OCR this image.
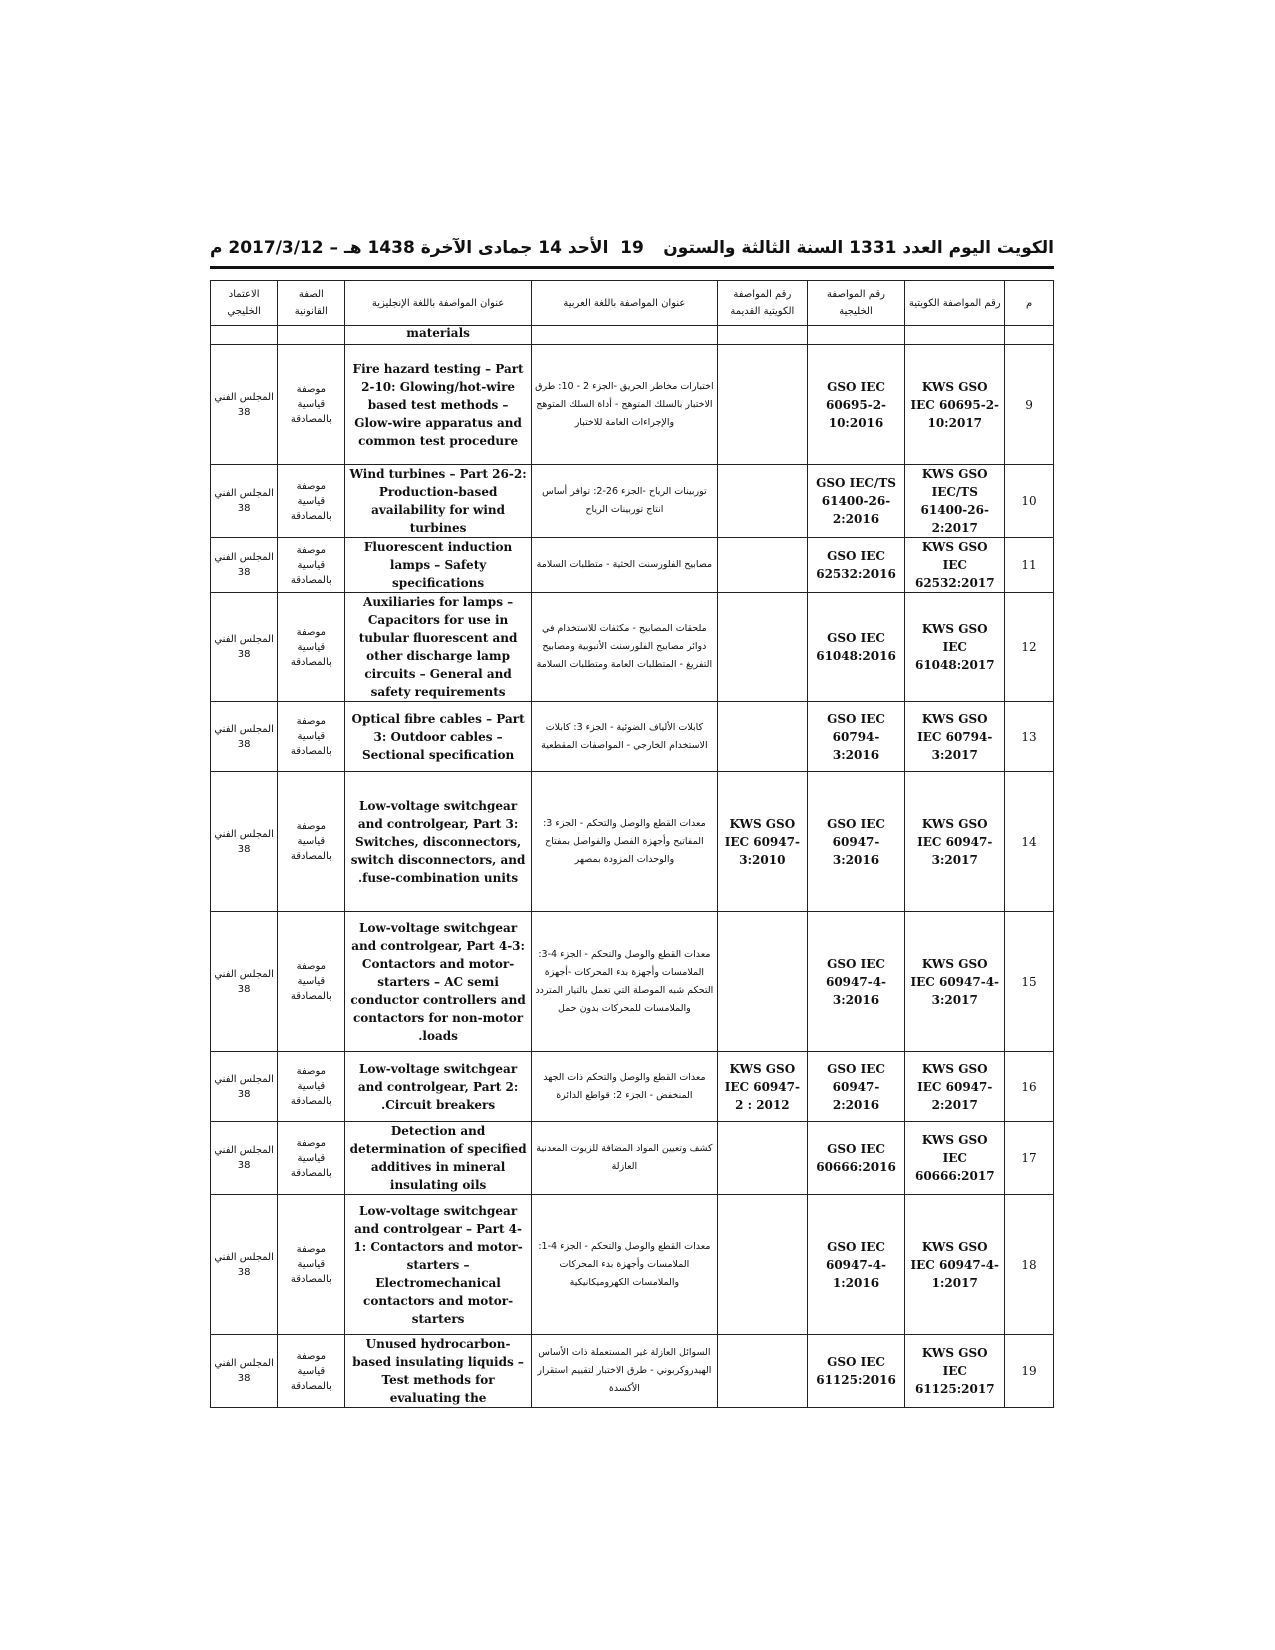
الكويت اليوم العدد 1331 السنة الثالثة والستون
19
الأحد 14 جمادى الآخرة 1438 هـ – 2017/3/12 م
م	رقم المواصفة الكويتية	رقم المواصفة الخليجية	رقم المواصفة الكويتية القديمة	عنوان المواصفة باللغة العربية	عنوان المواصفة باللغة الإنجليزية	الصفة القانونية	الاعتماد الخليجي
					materials		
9	KWS GSO IEC 60695-2-10:2017	GSO IEC 60695-2-10:2016		اختبارات مخاطر الحريق -الجزء 2 - 10: طرق الاختبار بالسلك المتوهج - أداة السلك المتوهج والإجراءات العامة للاختبار	Fire hazard testing – Part 2-10: Glowing/hot-wire based test methods – Glow-wire apparatus and common test procedure	موصفة قياسية بالمصادقة	المجلس الفني 38
10	KWS GSO IEC/TS 61400-26-2:2017	GSO IEC/TS 61400-26-2:2016		توربينات الرياح -الجزء 26-2: توافر أساس انتاج توربينات الرياح	Wind turbines – Part 26-2: Production-based availability for wind turbines	موصفة قياسية بالمصادقة	المجلس الفني 38
11	KWS GSO IEC 62532:2017	GSO IEC 62532:2016		مصابيح الفلورسنت الحثية - متطلبات السلامة	Fluorescent induction lamps – Safety specifications	موصفة قياسية بالمصادقة	المجلس الفني 38
12	KWS GSO IEC 61048:2017	GSO IEC 61048:2016		ملحقات المصابيح - مكثفات للاستخدام في دوائر مصابيح الفلورسنت الأنبوبية ومصابيح التفريغ - المتطلبات العامة ومتطلبات السلامة	Auxiliaries for lamps – Capacitors for use in tubular fluorescent and other discharge lamp circuits – General and safety requirements	موصفة قياسية بالمصادقة	المجلس الفني 38
13	KWS GSO IEC 60794-3:2017	GSO IEC 60794-3:2016		كابلات الألياف الضوئية - الجزء 3: كابلات الاستخدام الخارجي - المواصفات المقطعية	Optical fibre cables – Part 3: Outdoor cables – Sectional specification	موصفة قياسية بالمصادقة	المجلس الفني 38
14	KWS GSO IEC 60947-3:2017	GSO IEC 60947-3:2016	KWS GSO IEC 60947-3:2010	معدات القطع والوصل والتحكم - الجزء 3: المفاتيح وأجهزة الفصل والفواصل بمفتاح والوحدات المزودة بمصهر	Low-voltage switchgear and controlgear, Part 3: Switches, disconnectors, switch disconnectors, and fuse-combination units.	موصفة قياسية بالمصادقة	المجلس الفني 38
15	KWS GSO IEC 60947-4-3:2017	GSO IEC 60947-4-3:2016		معدات القطع والوصل والتحكم - الجزء 4-3: الملامسات وأجهزة بدء المحركات -أجهزة التحكم شبه الموصلة التي تعمل بالتيار المتردد والملامسات للمحركات بدون حمل	Low-voltage switchgear and controlgear, Part 4-3: Contactors and motor-starters – AC semi conductor controllers and contactors for non-motor loads.	موصفة قياسية بالمصادقة	المجلس الفني 38
16	KWS GSO IEC 60947-2:2017	GSO IEC 60947-2:2016	KWS GSO IEC 60947-2 : 2012	معدات القطع والوصل والتحكم ذات الجهد المنخفض - الجزء 2: قواطع الدائرة	Low-voltage switchgear and controlgear, Part 2: Circuit breakers.	موصفة قياسية بالمصادقة	المجلس الفني 38
17	KWS GSO IEC 60666:2017	GSO IEC 60666:2016		كشف وتعيين المواد المضافة للزيوت المعدنية العازلة	Detection and determination of specified additives in mineral insulating oils	موصفة قياسية بالمصادقة	المجلس الفني 38
18	KWS GSO IEC 60947-4-1:2017	GSO IEC 60947-4-1:2016		معدات القطع والوصل والتحكم - الجزء 4-1: الملامسات وأجهزة بدء المحركات والملامسات الكهروميكانيكية	Low-voltage switchgear and controlgear – Part 4-1: Contactors and motor-starters – Electromechanical contactors and motor-starters	موصفة قياسية بالمصادقة	المجلس الفني 38
19	KWS GSO IEC 61125:2017	GSO IEC 61125:2016		السوائل العازلة غير المستعملة ذات الأساس الهيدروكربوني - طرق الاختبار لتقييم استقرار الأكسدة	Unused hydrocarbon-based insulating liquids – Test methods for evaluating the	موصفة قياسية بالمصادقة	المجلس الفني 38
